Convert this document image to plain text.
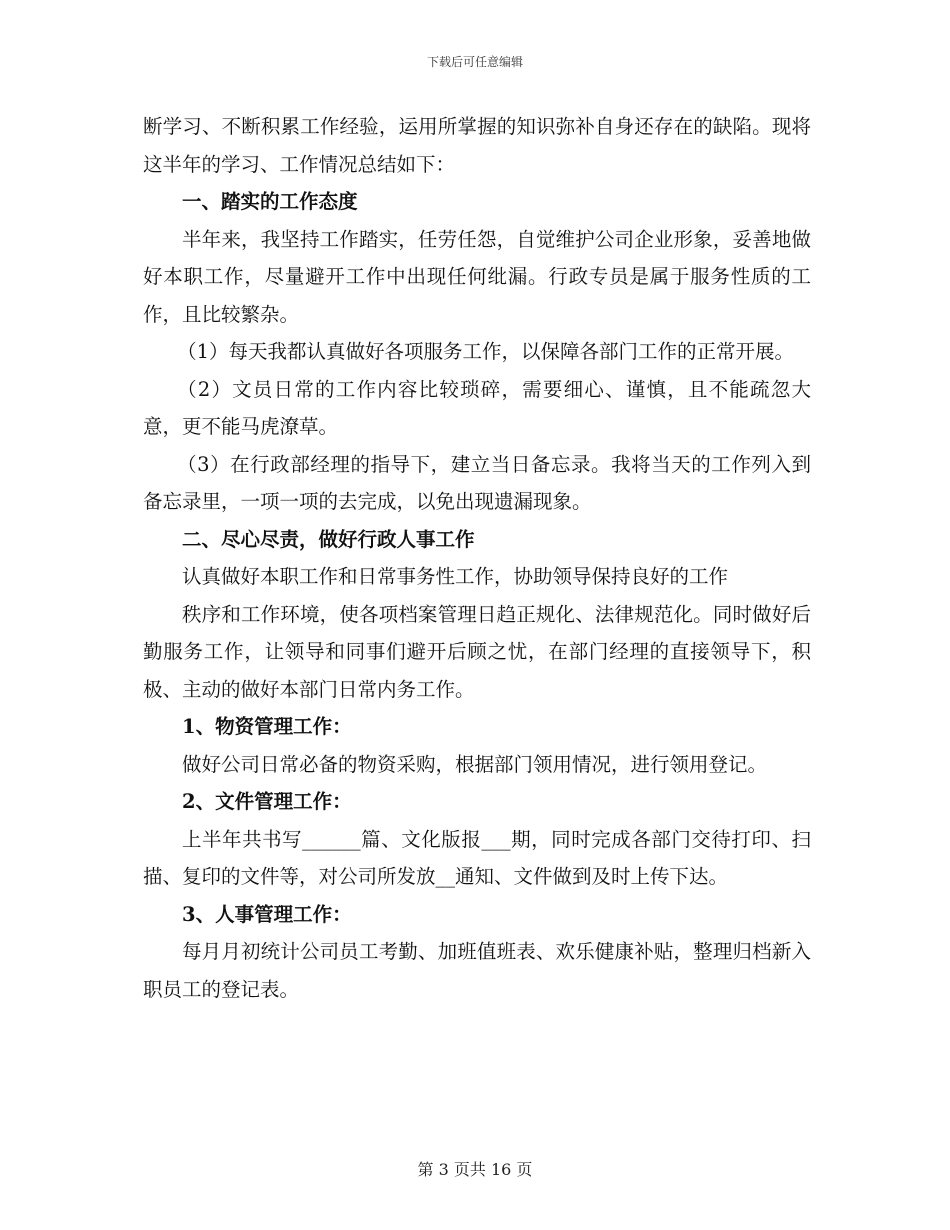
下载后可任意编辑

断学习、不断积累工作经验，运用所掌握的知识弥补自身还存在的缺陷。现将这半年的学习、工作情况总结如下：

一、踏实的工作态度

半年来，我坚持工作踏实，任劳任怨，自觉维护公司企业形象，妥善地做好本职工作，尽量避开工作中出现任何纰漏。行政专员是属于服务性质的工作，且比较繁杂。

（1）每天我都认真做好各项服务工作，以保障各部门工作的正常开展。

（2）文员日常的工作内容比较琐碎，需要细心、谨慎，且不能疏忽大意，更不能马虎潦草。

（3）在行政部经理的指导下，建立当日备忘录。我将当天的工作列入到备忘录里，一项一项的去完成，以免出现遗漏现象。

二、尽心尽责，做好行政人事工作

认真做好本职工作和日常事务性工作，协助领导保持良好的工作

秩序和工作环境，使各项档案管理日趋正规化、法律规范化。同时做好后勤服务工作，让领导和同事们避开后顾之忧，在部门经理的直接领导下，积极、主动的做好本部门日常内务工作。

1、物资管理工作：

做好公司日常必备的物资采购，根据部门领用情况，进行领用登记。

2、文件管理工作：

上半年共书写______篇、文化版报___期，同时完成各部门交待打印、扫描、复印的文件等，对公司所发放__通知、文件做到及时上传下达。

3、人事管理工作：

每月月初统计公司员工考勤、加班值班表、欢乐健康补贴，整理归档新入职员工的登记表。

第 3 页共 16 页
